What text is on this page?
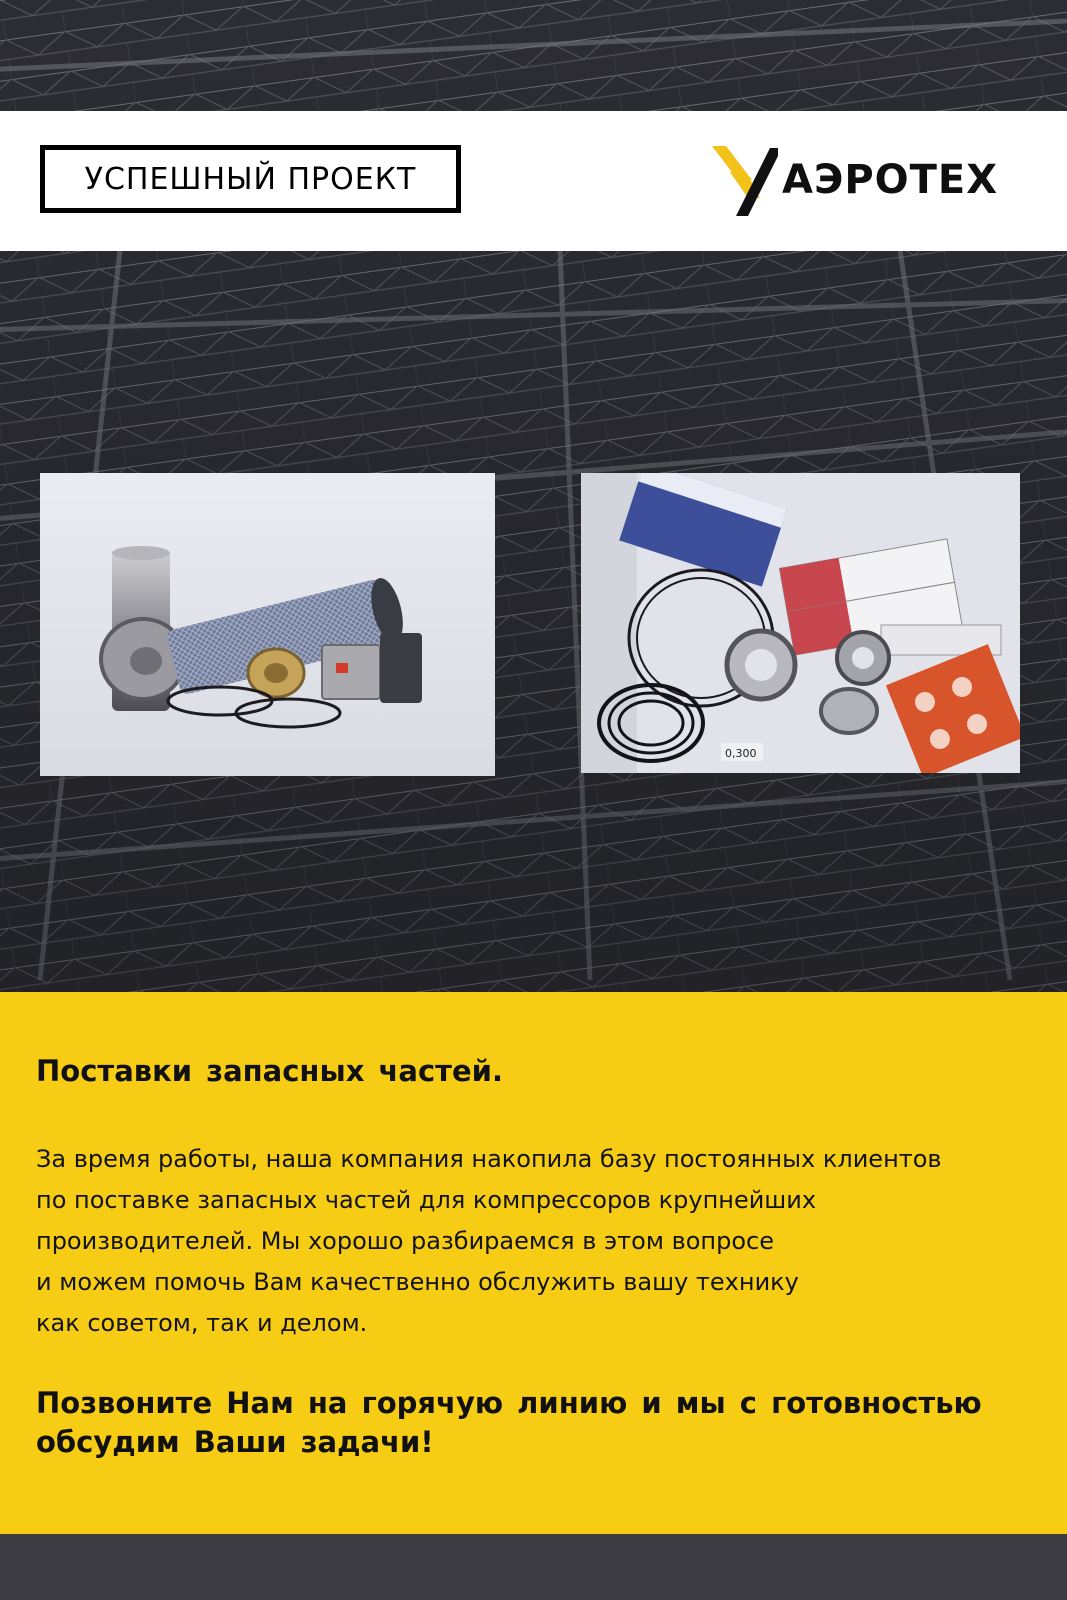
УСПЕШНЫЙ ПРОЕКТ	АЭРОТЕХ
0,300
Поставки запасных частей.

За время работы, наша компания накопила базу постоянных клиентов
по поставке запасных частей для компрессоров крупнейших
производителей. Мы хорошо разбираемся в этом вопросе
и можем помочь Вам качественно обслужить вашу технику
как советом, так и делом.

Позвоните Нам на горячую линию и мы с готовностью
обсудим Ваши задачи!
